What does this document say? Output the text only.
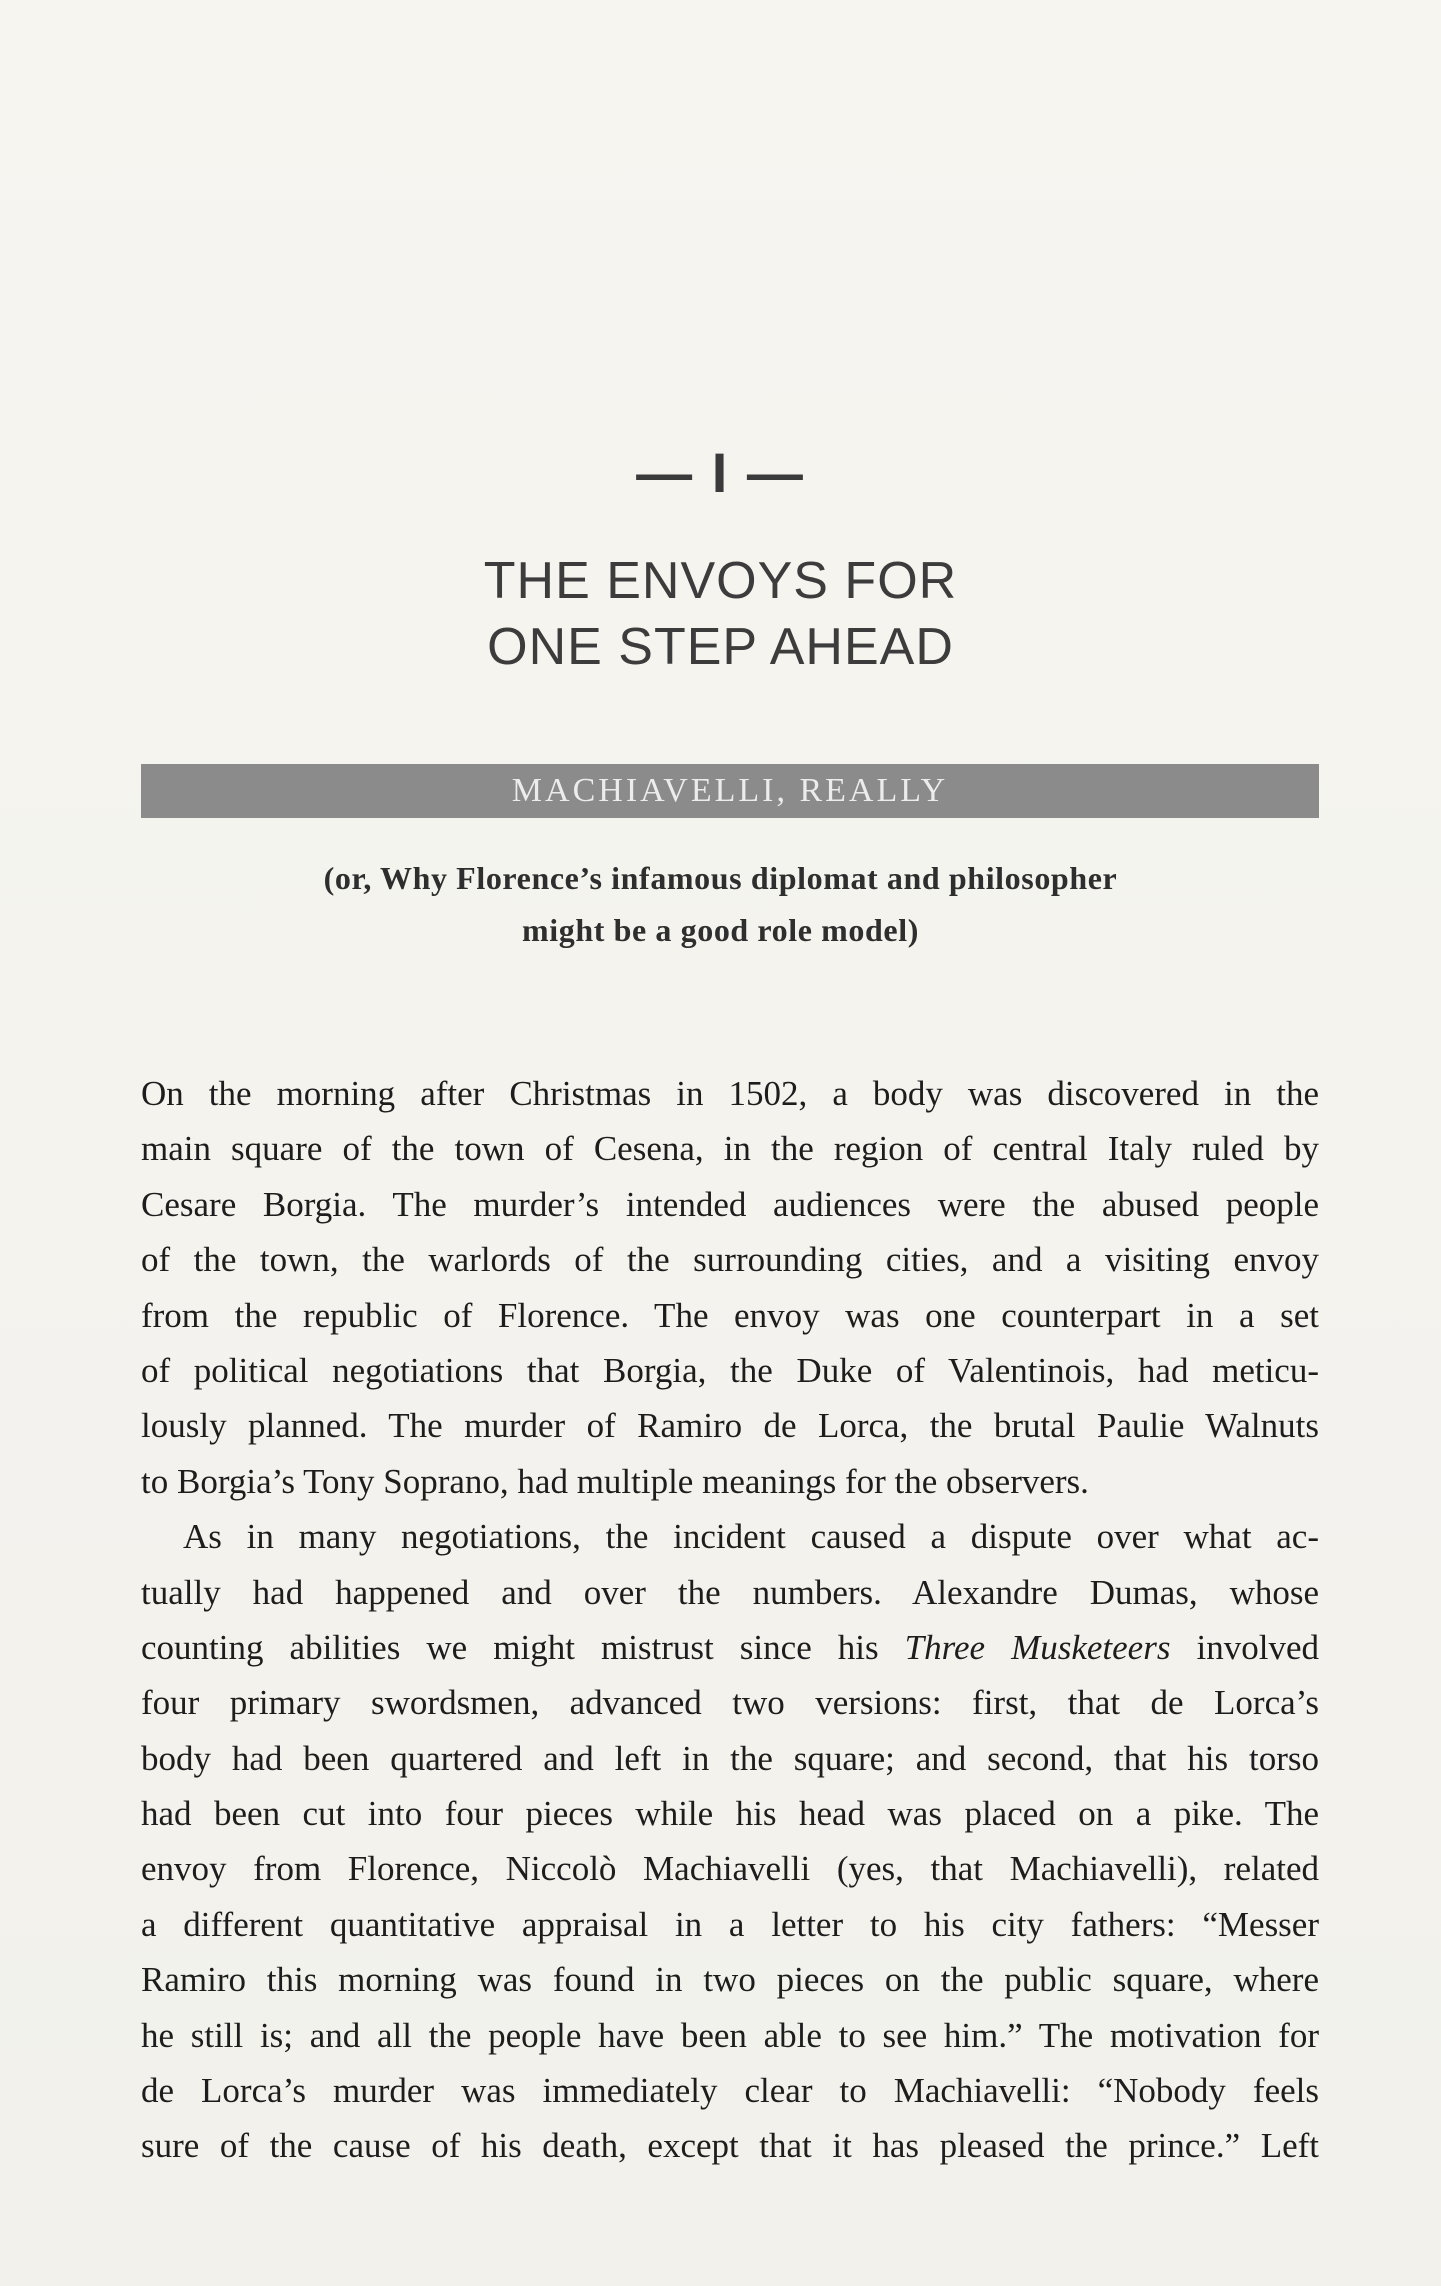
— I —
THE ENVOYS FOR
ONE STEP AHEAD
MACHIAVELLI, REALLY
(or, Why Florence’s infamous diplomat and philosopher
might be a good role model)
On the morning after Christmas in 1502, a body was discovered in the
main square of the town of Cesena, in the region of central Italy ruled by
Cesare Borgia. The murder’s intended audiences were the abused people
of the town, the warlords of the surrounding cities, and a visiting envoy
from the republic of Florence. The envoy was one counterpart in a set
of political negotiations that Borgia, the Duke of Valentinois, had meticu-
lously planned. The murder of Ramiro de Lorca, the brutal Paulie Walnuts
to Borgia’s Tony Soprano, had multiple meanings for the observers.
As in many negotiations, the incident caused a dispute over what ac-
tually had happened and over the numbers. Alexandre Dumas, whose
counting abilities we might mistrust since his Three Musketeers involved
four primary swordsmen, advanced two versions: first, that de Lorca’s
body had been quartered and left in the square; and second, that his torso
had been cut into four pieces while his head was placed on a pike. The
envoy from Florence, Niccolò Machiavelli (yes, that Machiavelli), related
a different quantitative appraisal in a letter to his city fathers: “Messer
Ramiro this morning was found in two pieces on the public square, where
he still is; and all the people have been able to see him.” The motivation for
de Lorca’s murder was immediately clear to Machiavelli: “Nobody feels
sure of the cause of his death, except that it has pleased the prince.” Left
